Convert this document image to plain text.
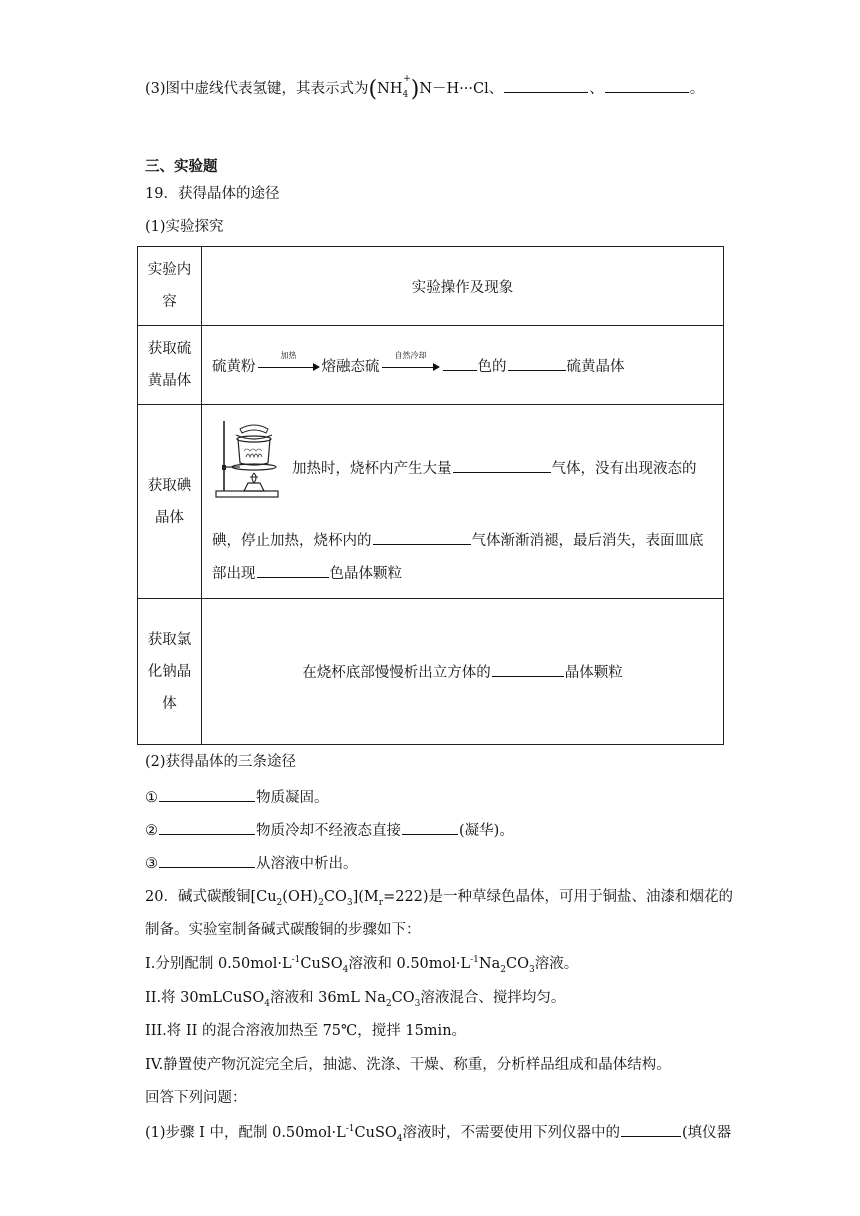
(3)图中虚线代表氢键，其表示式为$(NH_4^+)N-H\cdot\cdot\cdot Cl$、	、	。
三、实验题
19．获得晶体的途径
(1)实验探究
实验内容	实验操作及现象

获取硫黄晶体	硫黄粉
加热
熔融态硫
自然冷却
色的 硫黄晶体

获取碘晶体	加热时，烧杯内产生大量 气体，没有出现液态的
碘，停止加热，烧杯内的 气体渐渐消褪，最后消失，表面皿底
部出现 色晶体颗粒

获取氯化钠晶体	在烧杯底部慢慢析出立方体的 晶体颗粒
(2)获得晶体的三条途径
①	物质凝固。
②	物质冷却不经液态直接	(凝华)。
③	从溶液中析出。
20．碱式碳酸铜$[Cu_2(OH)_2CO_3](M_r=222)$是一种草绿色晶体，可用于铜盐、油漆和烟花的
制备。实验室制备碱式碳酸铜的步骤如下：
I.分别配制 $0.50mol\cdot L^{-1}CuSO_4$溶液和 $0.50mol\cdot L^{-1}Na_2CO_3$溶液。
II.将 30mLCuSO$_4$溶液和 36mL $Na_2CO_3$溶液混合、搅拌均匀。
III.将 II 的混合溶液加热至 75℃，搅拌 15min。
IV.静置使产物沉淀完全后，抽滤、洗涤、干燥、称重，分析样品组成和晶体结构。
回答下列问题：
(1)步骤 I 中，配制 $0.50mol\cdot L^{-1}CuSO_4$溶液时，不需要使用下列仪器中的	(填仪器
